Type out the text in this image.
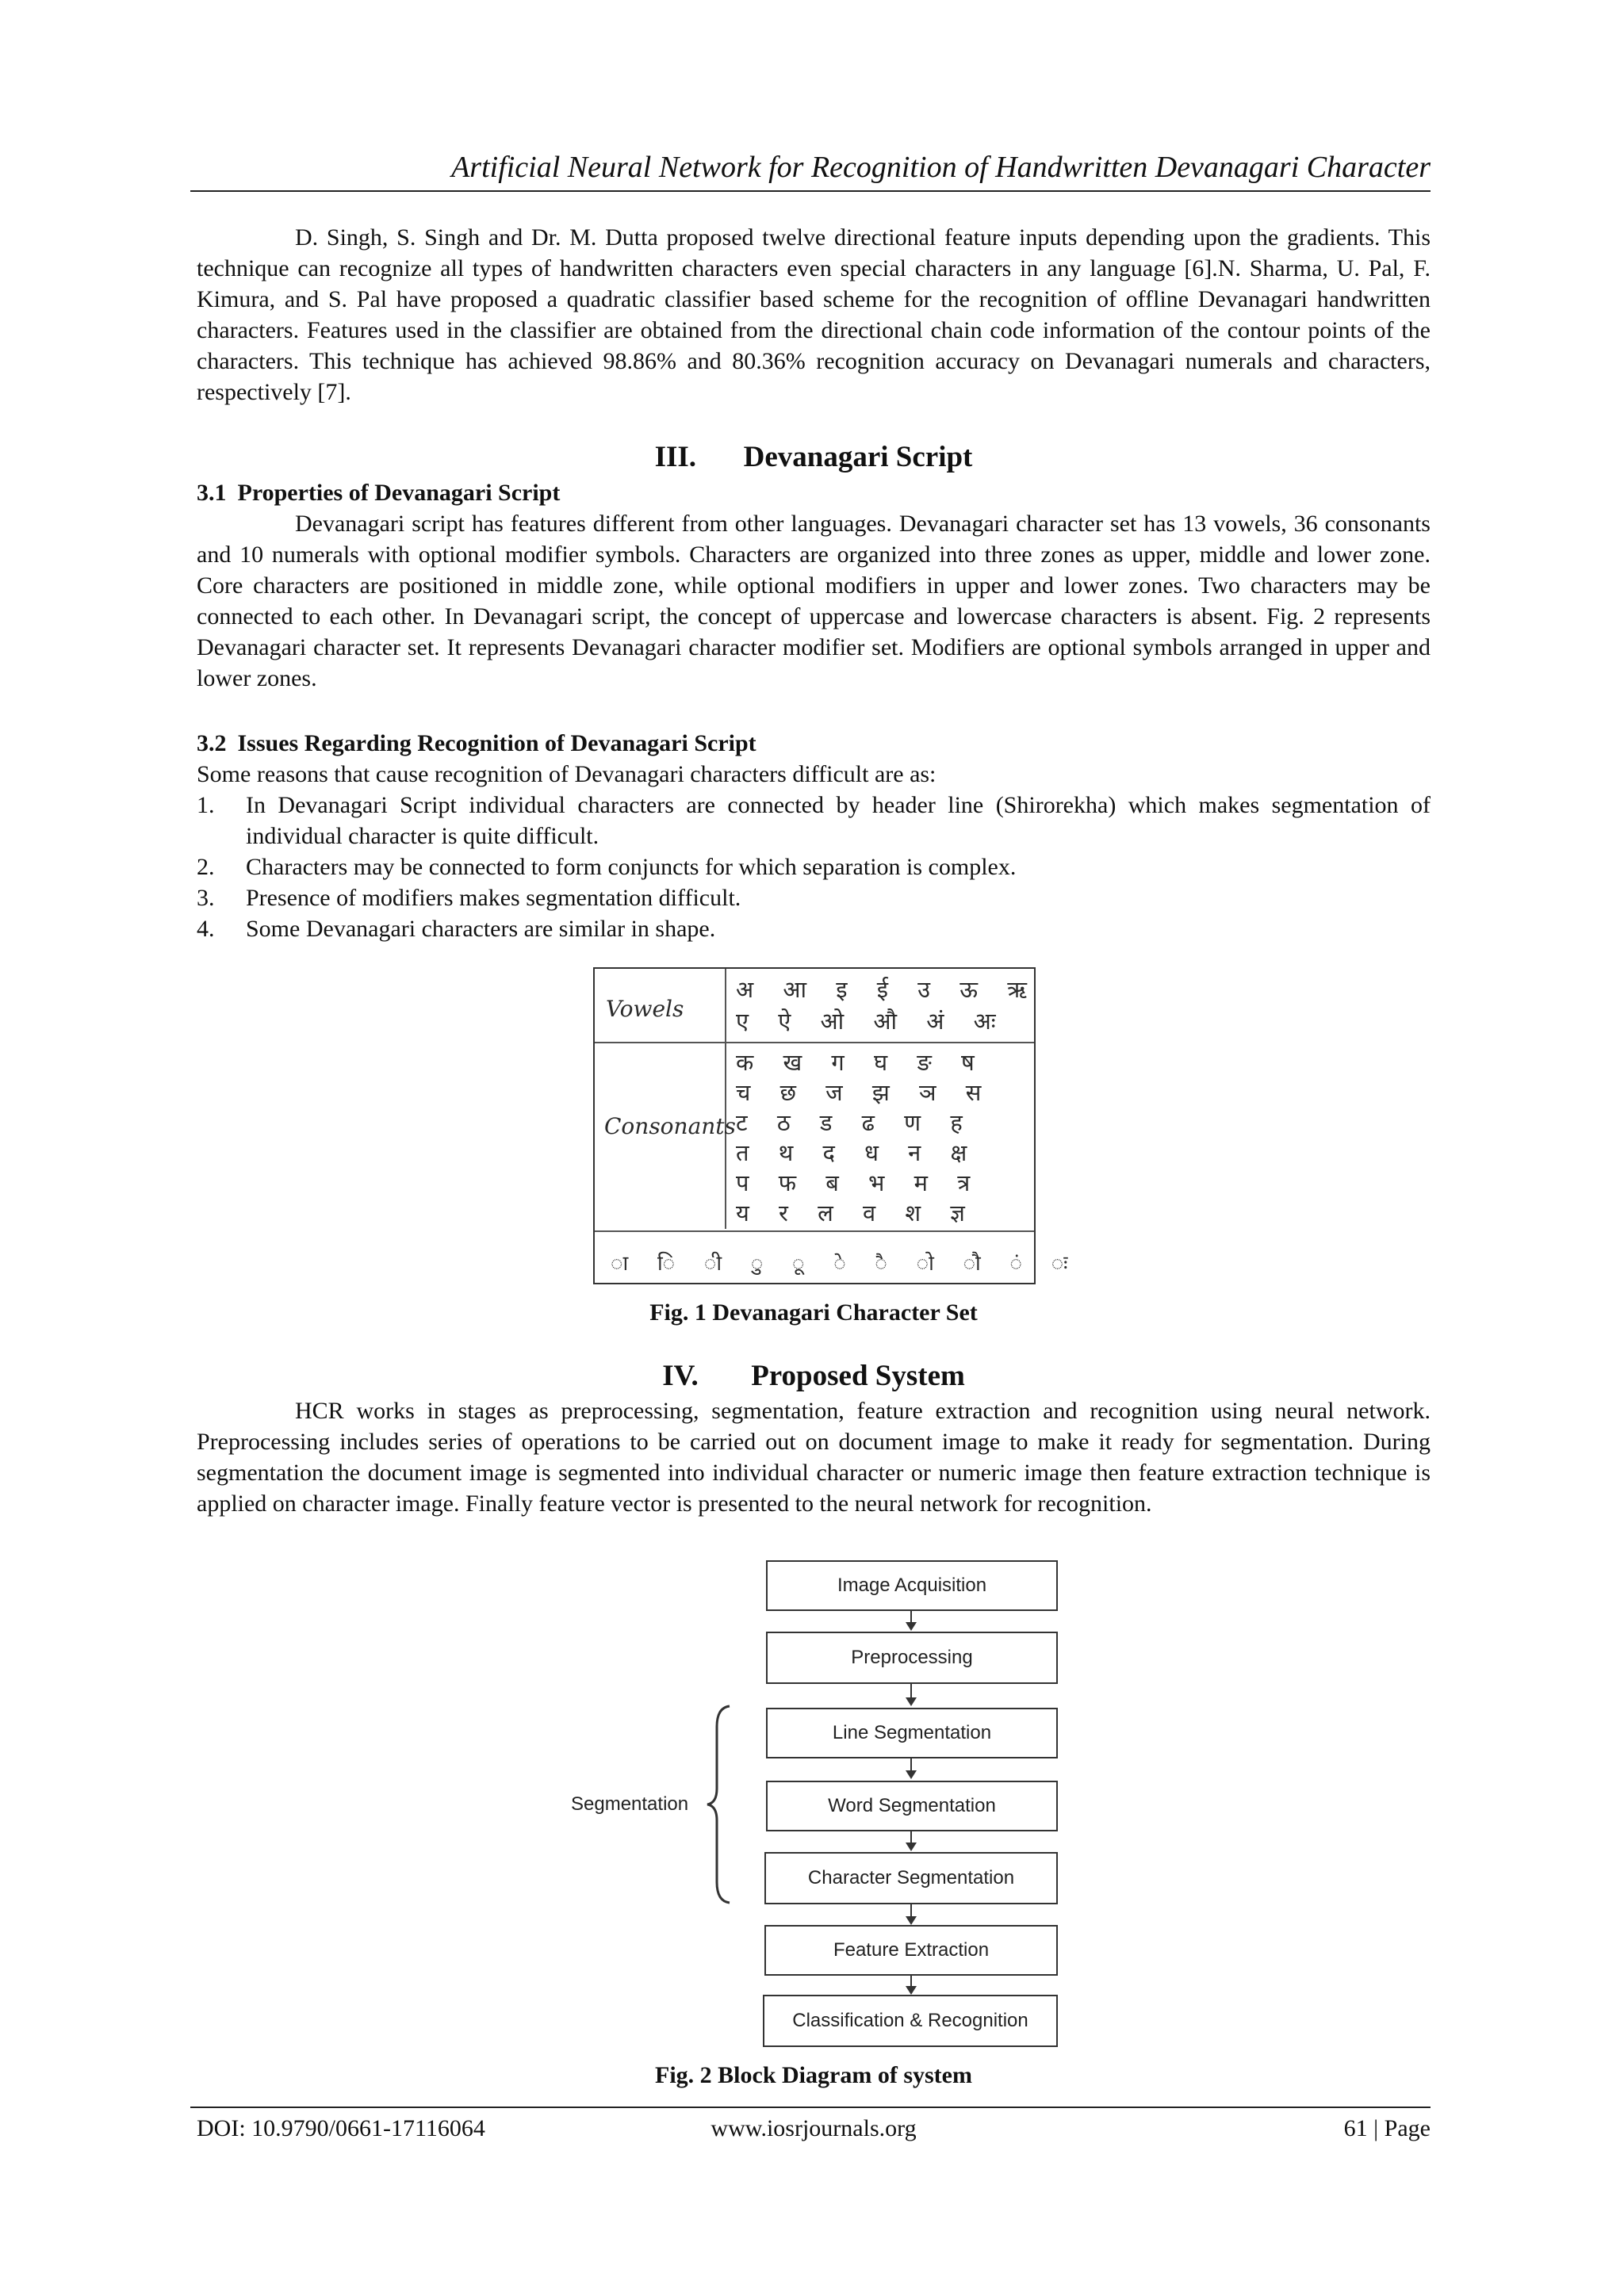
Artificial Neural Network for Recognition of Handwritten Devanagari Character

D. Singh, S. Singh and Dr. M. Dutta proposed twelve directional feature inputs depending upon the gradients. This technique can recognize all types of handwritten characters even special characters in any language [6].N. Sharma, U. Pal, F. Kimura, and S. Pal have proposed a quadratic classifier based scheme for the recognition of offline Devanagari handwritten characters. Features used in the classifier are obtained from the directional chain code information of the contour points of the characters. This technique has achieved 98.86% and 80.36% recognition accuracy on Devanagari numerals and characters, respectively [7].

III. Devanagari Script
3.1 Properties of Devanagari Script

Devanagari script has features different from other languages. Devanagari character set has 13 vowels, 36 consonants and 10 numerals with optional modifier symbols. Characters are organized into three zones as upper, middle and lower zone. Core characters are positioned in middle zone, while optional modifiers in upper and lower zones. Two characters may be connected to each other. In Devanagari script, the concept of uppercase and lowercase characters is absent. Fig. 2 represents Devanagari character set. It represents Devanagari character modifier set. Modifiers are optional symbols arranged in upper and lower zones.

3.2 Issues Regarding Recognition of Devanagari Script

Some reasons that cause recognition of Devanagari characters difficult are as:

1. In Devanagari Script individual characters are connected by header line (Shirorekha) which makes segmentation of individual character is quite difficult.
2. Characters may be connected to form conjuncts for which separation is complex.
3. Presence of modifiers makes segmentation difficult.
4. Some Devanagari characters are similar in shape.
Vowels
Consonants
अ आ इ ई उ ऊ ऋ
ए ऐ ओ औ अं अः
क ख ग घ ङ ष
च छ ज झ ञ स
ट ठ ड ढ ण ह
त थ द ध न क्ष
प फ ब भ म त्र
य र ल व श ज्ञ
ा ि ी ु ू े ै ो ौ ं ः
Fig. 1 Devanagari Character Set
IV. Proposed System

HCR works in stages as preprocessing, segmentation, feature extraction and recognition using neural network. Preprocessing includes series of operations to be carried out on document image to make it ready for segmentation. During segmentation the document image is segmented into individual character or numeric image then feature extraction technique is applied on character image. Finally feature vector is presented to the neural network for recognition.

Image Acquisition
Preprocessing
Line Segmentation
Word Segmentation
Character Segmentation
Feature Extraction
Classification & Recognition
Segmentation
Fig. 2 Block Diagram of system
DOI: 10.9790/0661-17116064	www.iosrjournals.org	61 | Page
